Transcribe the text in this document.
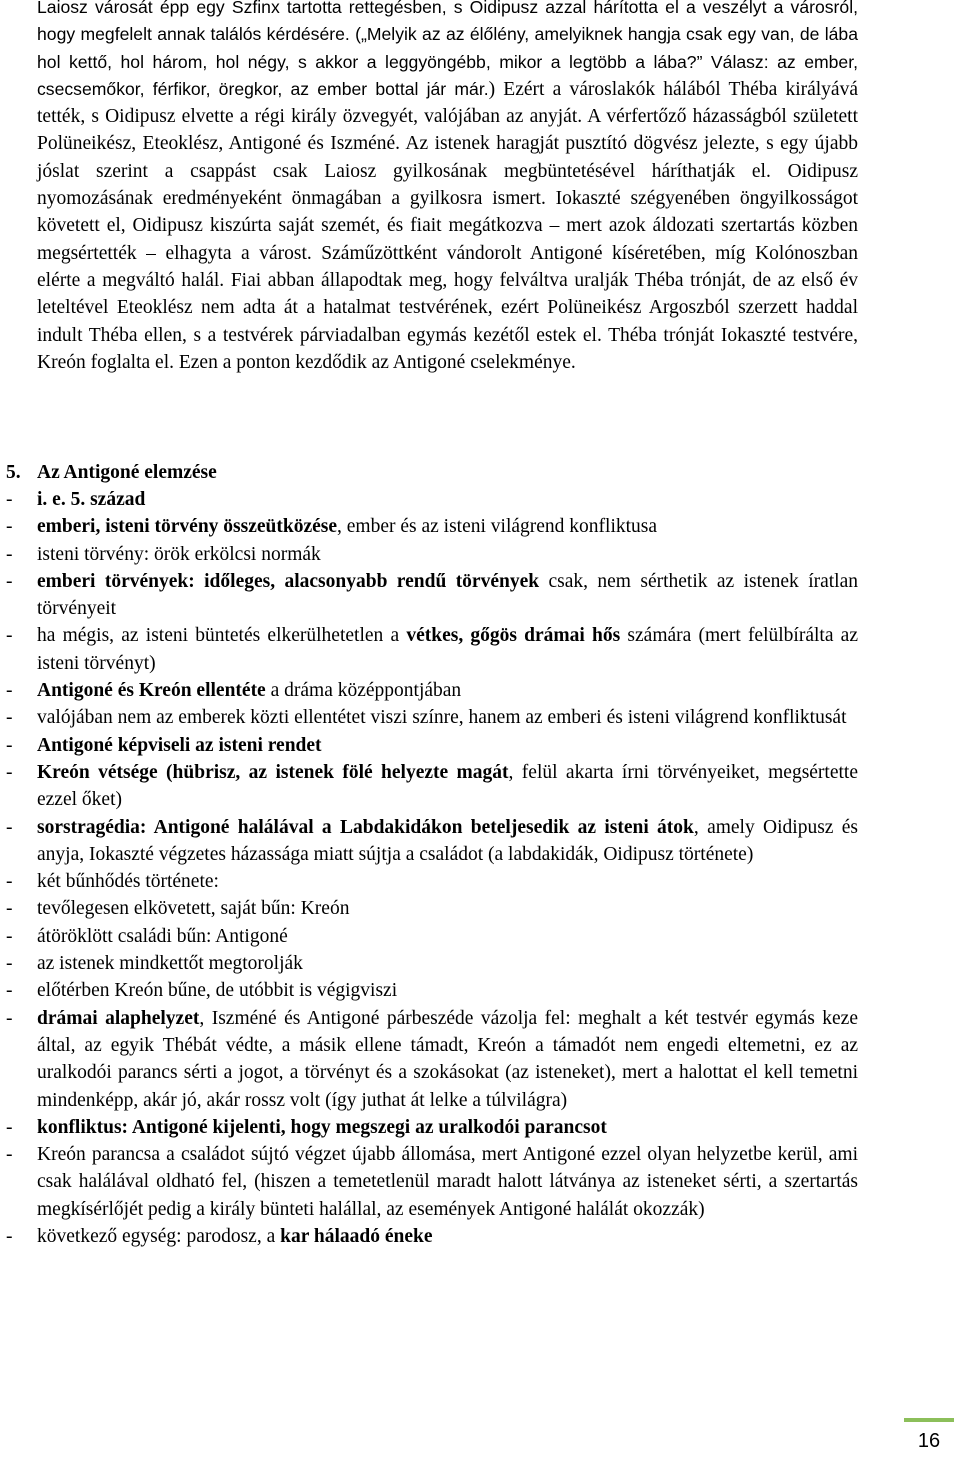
Laiosz városát épp egy Szfinx tartotta rettegésben, s Oidipusz azzal hárította el a veszélyt a városról, hogy megfelelt annak találós kérdésére. („Melyik az az élőlény, amelyiknek hangja csak egy van, de lába hol kettő, hol három, hol négy, s akkor a leggyöngébb, mikor a legtöbb a lába?” Válasz: az ember, csecsemőkor, férfikor, öregkor, az ember bottal jár már.) Ezért a városlakók hálából Théba királyává tették, s Oidipusz elvette a régi király özvegyét, valójában az anyját. A vérfertőző házasságból született Polüneikész, Eteoklész, Antigoné és Iszméné. Az istenek haragját pusztító dögvész jelezte, s egy újabb jóslat szerint a csappást csak Laiosz gyilkosának megbüntetésével háríthatják el. Oidipusz nyomozásának eredményeként önmagában a gyilkosra ismert. Iokaszté szégyenében öngyilkosságot követett el, Oidipusz kiszúrta saját szemét, és fiait megátkozva – mert azok áldozati szertartás közben megsértették – elhagyta a várost. Száműzöttként vándorolt Antigoné kíséretében, míg Kolónoszban elérte a megváltó halál. Fiai abban állapodtak meg, hogy felváltva uralják Théba trónját, de az első év leteltével Eteoklész nem adta át a hatalmat testvérének, ezért Polüneikész Argoszból szerzett haddal indult Théba ellen, s a testvérek párviadalban egymás kezétől estek el. Théba trónját Iokaszté testvére, Kreón foglalta el. Ezen a ponton kezdődik az Antigoné cselekménye.

5. Az Antigoné elemzése

- i. e. 5. század
- emberi, isteni törvény összeütközése, ember és az isteni világrend konfliktusa
- isteni törvény: örök erkölcsi normák
- emberi törvények: időleges, alacsonyabb rendű törvények csak, nem sérthetik az istenek íratlan törvényeit
- ha mégis, az isteni büntetés elkerülhetetlen a vétkes, gőgös drámai hős számára (mert felülbírálta az isteni törvényt)
- Antigoné és Kreón ellentéte a dráma középpontjában
- valójában nem az emberek közti ellentétet viszi színre, hanem az emberi és isteni világrend konfliktusát
- Antigoné képviseli az isteni rendet
- Kreón vétsége (hübrisz, az istenek fölé helyezte magát, felül akarta írni törvényeiket, megsértette ezzel őket)
- sorstragédia: Antigoné halálával a Labdakidákon beteljesedik az isteni átok, amely Oidipusz és anyja, Iokaszté végzetes házassága miatt sújtja a családot (a labdakidák, Oidipusz története)
- két bűnhődés története:
- tevőlegesen elkövetett, saját bűn: Kreón
- átöröklött családi bűn: Antigoné
- az istenek mindkettőt megtorolják
- előtérben Kreón bűne, de utóbbit is végigviszi
- drámai alaphelyzet, Iszméné és Antigoné párbeszéde vázolja fel: meghalt a két testvér egymás keze által, az egyik Thébát védte, a másik ellene támadt, Kreón a támadót nem engedi eltemetni, ez az uralkodói parancs sérti a jogot, a törvényt és a szokásokat (az isteneket), mert a halottat el kell temetni mindenképp, akár jó, akár rossz volt (így juthat át lelke a túlvilágra)
- konfliktus: Antigoné kijelenti, hogy megszegi az uralkodói parancsot
- Kreón parancsa a családot sújtó végzet újabb állomása, mert Antigoné ezzel olyan helyzetbe kerül, ami csak halálával oldható fel, (hiszen a temetetlenül maradt halott látványa az isteneket sérti, a szertartás megkísérlőjét pedig a király bünteti halállal, az események Antigoné halálát okozzák)
- következő egység: parodosz, a kar hálaadó éneke
16
